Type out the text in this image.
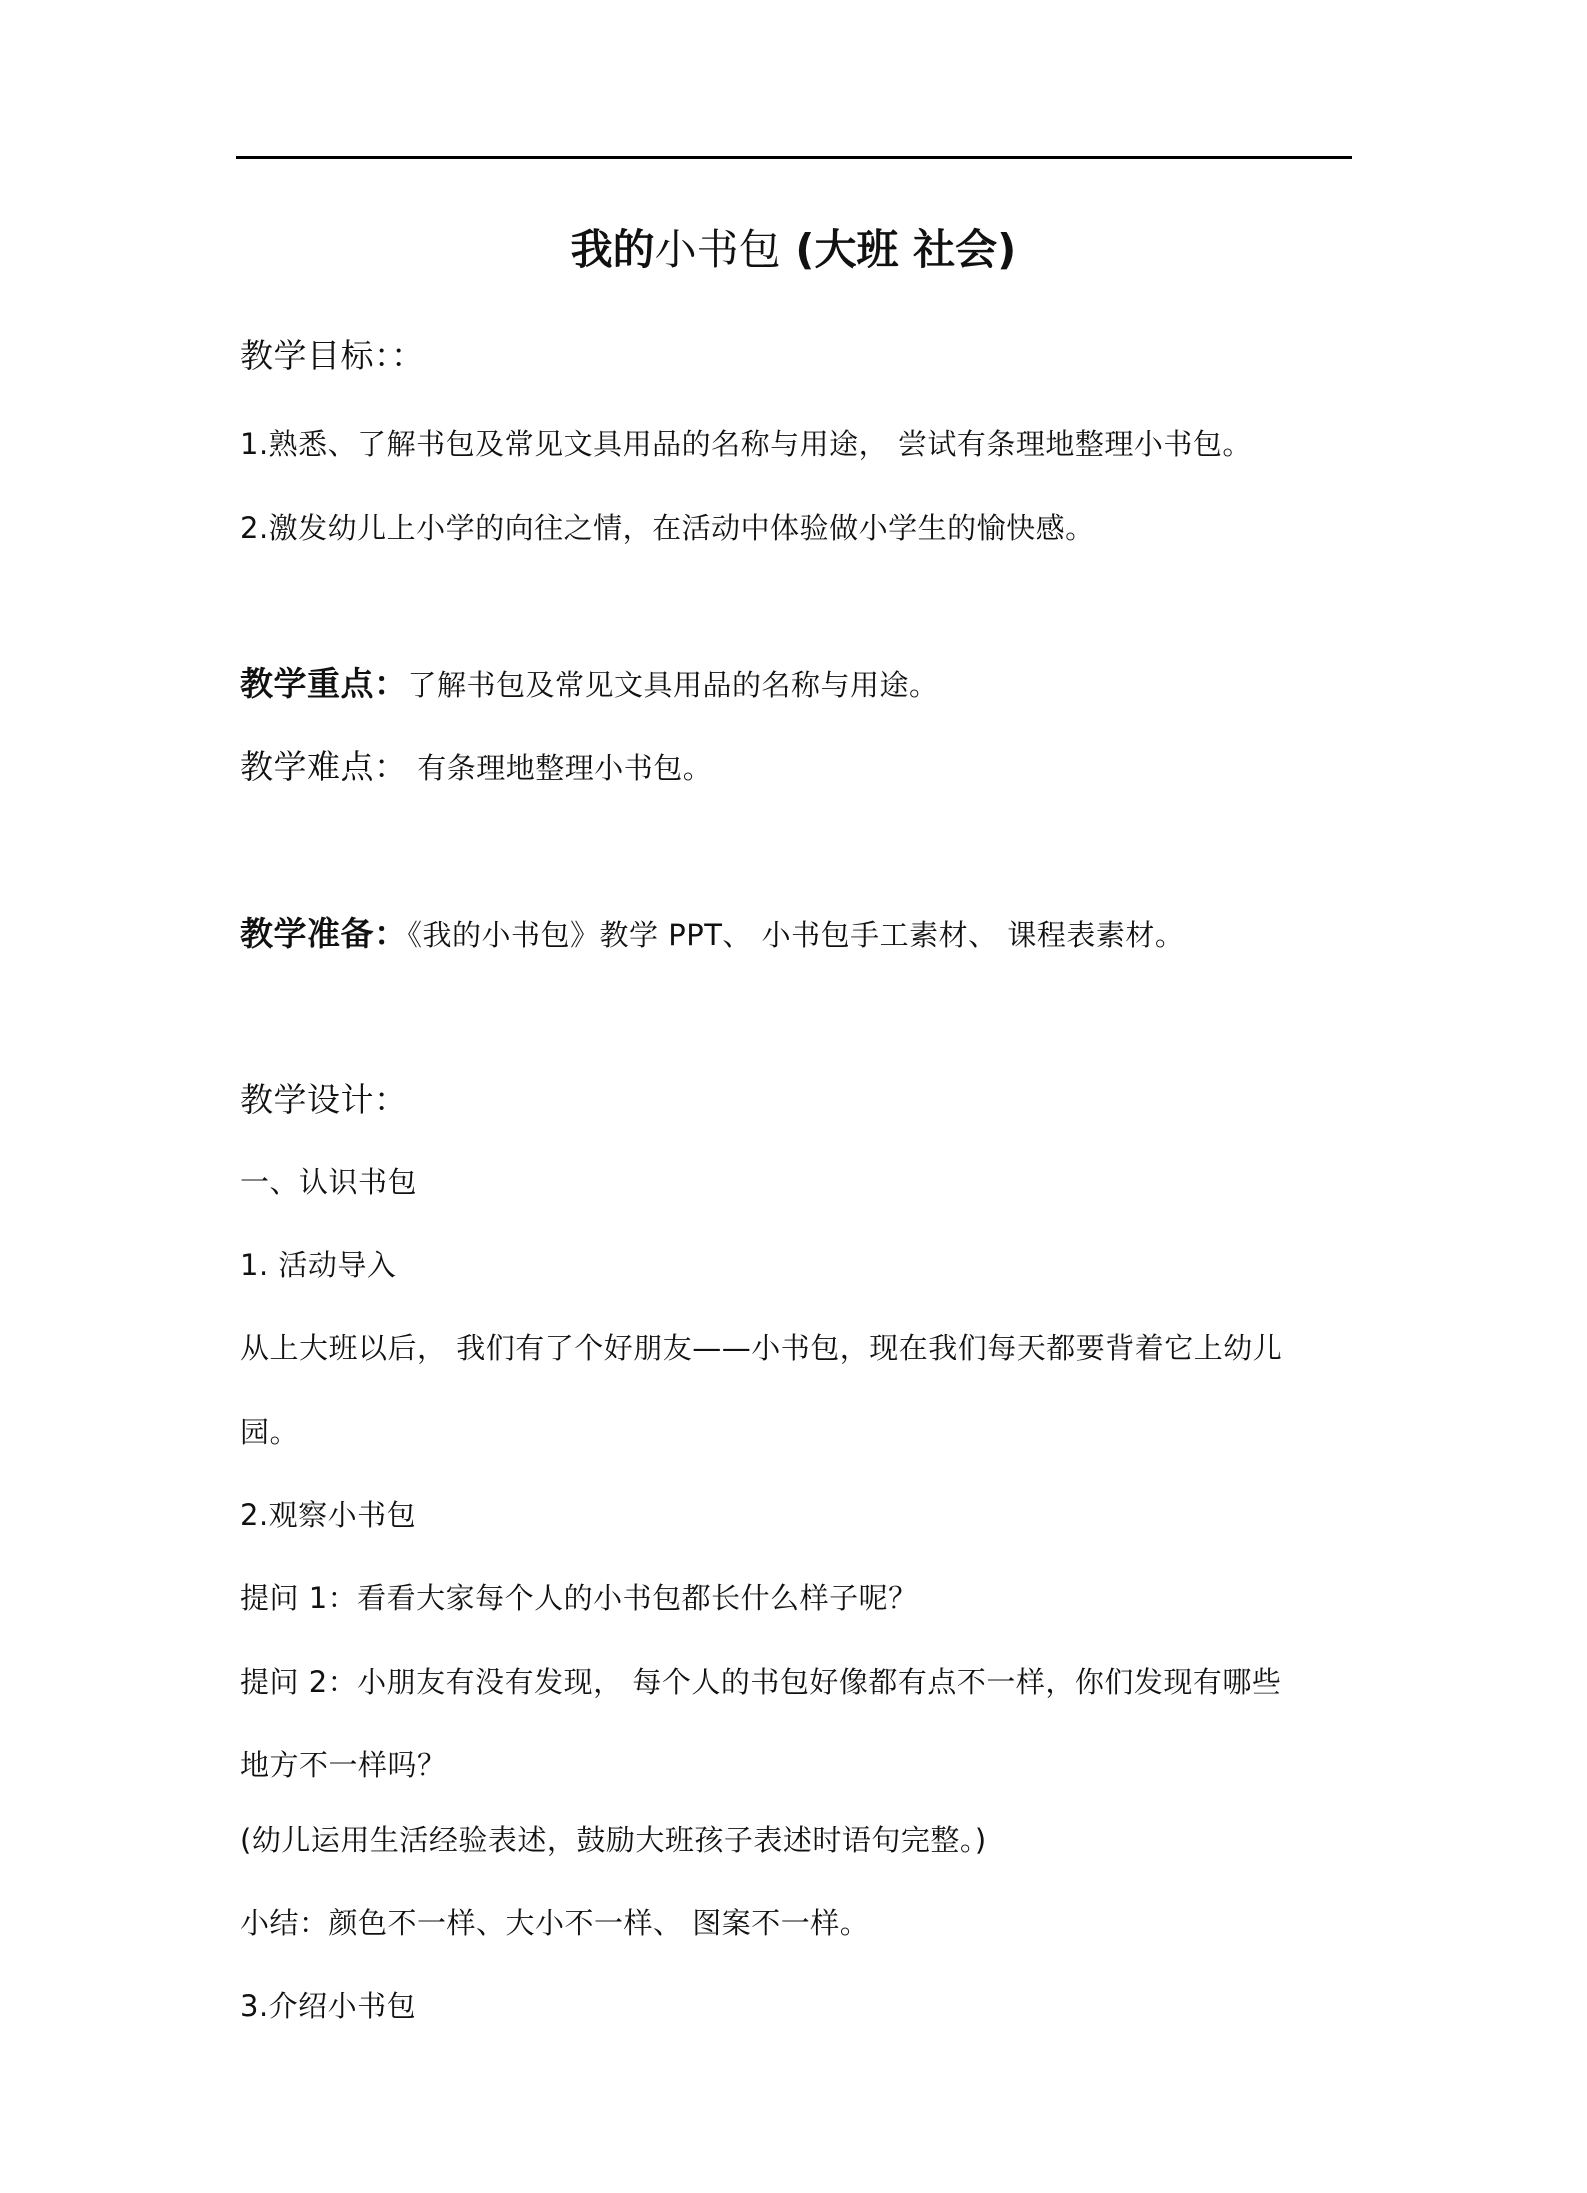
我的小书包 (大班 社会)
教学目标：：
1.熟悉、了解书包及常见文具用品的名称与用途， 尝试有条理地整理小书包。
2.激发幼儿上小学的向往之情，在活动中体验做小学生的愉快感。
教学重点：了解书包及常见文具用品的名称与用途。
教学难点： 有条理地整理小书包。
教学准备：《我的小书包》教学 PPT、 小书包手工素材、 课程表素材。
教学设计：
一、认识书包
1. 活动导入
从上大班以后， 我们有了个好朋友——小书包，现在我们每天都要背着它上幼儿
园。
2.观察小书包
提问 1：看看大家每个人的小书包都长什么样子呢？
提问 2：小朋友有没有发现， 每个人的书包好像都有点不一样，你们发现有哪些
地方不一样吗？
(幼儿运用生活经验表述，鼓励大班孩子表述时语句完整。)
小结：颜色不一样、大小不一样、 图案不一样。
3.介绍小书包
